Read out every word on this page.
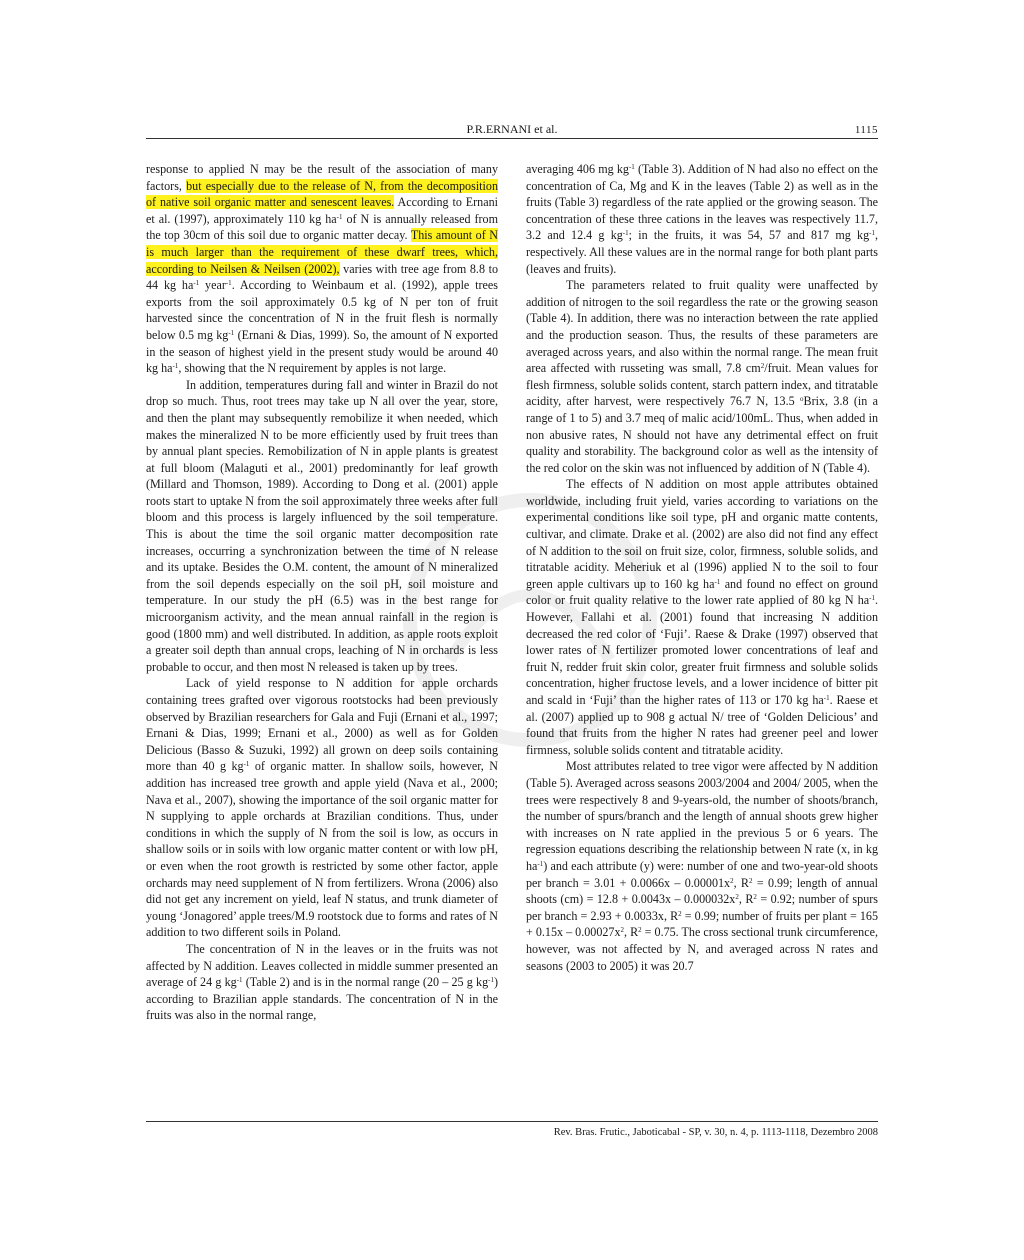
P.R.ERNANI et al.	1115

response to applied N may be the result of the association of many factors, but especially due to the release of N, from the decomposition of native soil organic matter and senescent leaves. According to Ernani et al. (1997), approximately 110 kg $ha^{-1}$ of N is annually released from the top 30cm of this soil due to organic matter decay. This amount of N is much larger than the requirement of these dwarf trees, which, according to Neilsen & Neilsen (2002), varies with tree age from 8.8 to 44 kg $ha^{-1}$ year$^{-1}$. According to Weinbaum et al. (1992), apple trees exports from the soil approximately 0.5 kg of N per ton of fruit harvested since the concentration of N in the fruit flesh is normally below 0.5 mg $kg^{-1}$ (Ernani & Dias, 1999). So, the amount of N exported in the season of highest yield in the present study would be around 40 kg $ha^{-1}$, showing that the N requirement by apples is not large.

In addition, temperatures during fall and winter in Brazil do not drop so much. Thus, root trees may take up N all over the year, store, and then the plant may subsequently remobilize it when needed, which makes the mineralized N to be more efficiently used by fruit trees than by annual plant species. Remobilization of N in apple plants is greatest at full bloom (Malaguti et al., 2001) predominantly for leaf growth (Millard and Thomson, 1989). According to Dong et al. (2001) apple roots start to uptake N from the soil approximately three weeks after full bloom and this process is largely influenced by the soil temperature. This is about the time the soil organic matter decomposition rate increases, occurring a synchronization between the time of N release and its uptake. Besides the O.M. content, the amount of N mineralized from the soil depends especially on the soil pH, soil moisture and temperature. In our study the pH (6.5) was in the best range for microorganism activity, and the mean annual rainfall in the region is good (1800 mm) and well distributed. In addition, as apple roots exploit a greater soil depth than annual crops, leaching of N in orchards is less probable to occur, and then most N released is taken up by trees.

Lack of yield response to N addition for apple orchards containing trees grafted over vigorous rootstocks had been previously observed by Brazilian researchers for Gala and Fuji (Ernani et al., 1997; Ernani & Dias, 1999; Ernani et al., 2000) as well as for Golden Delicious (Basso & Suzuki, 1992) all grown on deep soils containing more than 40 g $kg^{-1}$ of organic matter. In shallow soils, however, N addition has increased tree growth and apple yield (Nava et al., 2000; Nava et al., 2007), showing the importance of the soil organic matter for N supplying to apple orchards at Brazilian conditions. Thus, under conditions in which the supply of N from the soil is low, as occurs in shallow soils or in soils with low organic matter content or with low pH, or even when the root growth is restricted by some other factor, apple orchards may need supplement of N from fertilizers. Wrona (2006) also did not get any increment on yield, leaf N status, and trunk diameter of young ‘Jonagored’ apple trees/M.9 rootstock due to forms and rates of N addition to two different soils in Poland.

The concentration of N in the leaves or in the fruits was not affected by N addition. Leaves collected in middle summer presented an average of 24 g $kg^{-1}$ (Table 2) and is in the normal range (20 – 25 g $kg^{-1}$) according to Brazilian apple standards. The concentration of N in the fruits was also in the normal range,

averaging 406 mg $kg^{-1}$ (Table 3). Addition of N had also no effect on the concentration of Ca, Mg and K in the leaves (Table 2) as well as in the fruits (Table 3) regardless of the rate applied or the growing season. The concentration of these three cations in the leaves was respectively 11.7, 3.2 and 12.4 g $kg^{-1}$; in the fruits, it was 54, 57 and 817 mg $kg^{-1}$, respectively. All these values are in the normal range for both plant parts (leaves and fruits).

The parameters related to fruit quality were unaffected by addition of nitrogen to the soil regardless the rate or the growing season (Table 4). In addition, there was no interaction between the rate applied and the production season. Thus, the results of these parameters are averaged across years, and also within the normal range. The mean fruit area affected with russeting was small, 7.8 $cm^2$/fruit. Mean values for flesh firmness, soluble solids content, starch pattern index, and titratable acidity, after harvest, were respectively 76.7 N, 13.5 $^o$Brix, 3.8 (in a range of 1 to 5) and 3.7 meq of malic acid/100mL. Thus, when added in non abusive rates, N should not have any detrimental effect on fruit quality and storability. The background color as well as the intensity of the red color on the skin was not influenced by addition of N (Table 4).

The effects of N addition on most apple attributes obtained worldwide, including fruit yield, varies according to variations on the experimental conditions like soil type, pH and organic matte contents, cultivar, and climate. Drake et al. (2002) are also did not find any effect of N addition to the soil on fruit size, color, firmness, soluble solids, and titratable acidity. Meheriuk et al (1996) applied N to the soil to four green apple cultivars up to 160 kg $ha^{-1}$ and found no effect on ground color or fruit quality relative to the lower rate applied of 80 kg N $ha^{-1}$. However, Fallahi et al. (2001) found that increasing N addition decreased the red color of ‘Fuji’. Raese & Drake (1997) observed that lower rates of N fertilizer promoted lower concentrations of leaf and fruit N, redder fruit skin color, greater fruit firmness and soluble solids concentration, higher fructose levels, and a lower incidence of bitter pit and scald in ‘Fuji’ than the higher rates of 113 or 170 kg $ha^{-1}$. Raese et al. (2007) applied up to 908 g actual N/ tree of ‘Golden Delicious’ and found that fruits from the higher N rates had greener peel and lower firmness, soluble solids content and titratable acidity.

Most attributes related to tree vigor were affected by N addition (Table 5). Averaged across seasons 2003/2004 and 2004/ 2005, when the trees were respectively 8 and 9-years-old, the number of shoots/branch, the number of spurs/branch and the length of annual shoots grew higher with increases on N rate applied in the previous 5 or 6 years. The regression equations describing the relationship between N rate (x, in kg $ha^{-1}$) and each attribute (y) were: number of one and two-year-old shoots per branch = $3.01 + 0.0066x - 0.00001x^2$, $R^2 = 0.99$; length of annual shoots $(cm) = 12.8 + 0.0043x - 0.000032x^2$, $R^2 = 0.92$; number of spurs per branch = 2.93 + 0.0033x, $R^2 = 0.99$; number of fruits per plant = $165 + 0.15x - 0.00027x^2$, $R^2 = 0.75$. The cross sectional trunk circumference, however, was not affected by N, and averaged across N rates and seasons (2003 to 2005) it was 20.7

Rev. Bras. Frutic., Jaboticabal - SP, v. 30, n. 4, p. 1113-1118, Dezembro 2008
